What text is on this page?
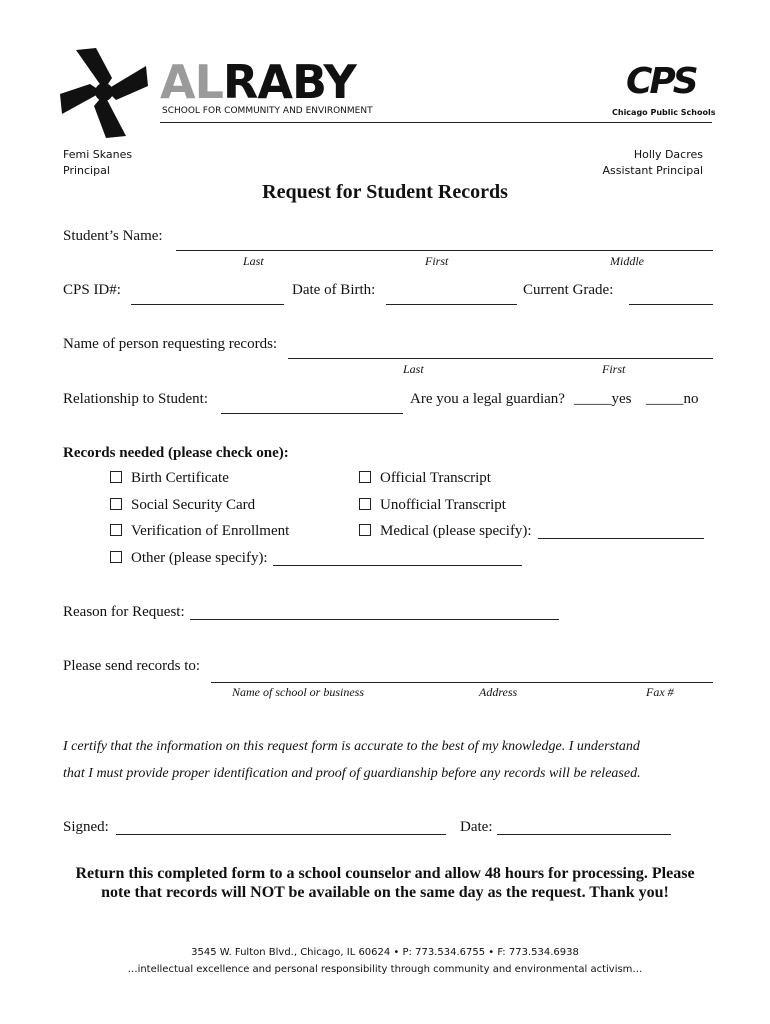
ALRABY
SCHOOL FOR COMMUNITY AND ENVIRONMENT
CPS
Chicago Public Schools
Femi Skanes
Principal
Holly Dacres
Assistant Principal
Request for Student Records
Student’s Name:
Last	First	Middle
CPS ID#:	Date of Birth:	Current Grade:
Name of person requesting records:
Last	First
Relationship to Student:	Are you a legal guardian? _____yes _____no
Records needed (please check one):
Birth Certificate	Official Transcript
Social Security Card	Unofficial Transcript
Verification of Enrollment	Medical (please specify):
Other (please specify):
Reason for Request:
Please send records to:
Name of school or business	Address	Fax #
I certify that the information on this request form is accurate to the best of my knowledge. I understand
that I must provide proper identification and proof of guardianship before any records will be released.
Signed:	Date:
Return this completed form to a school counselor and allow 48 hours for processing. Please
note that records will NOT be available on the same day as the request. Thank you!
3545 W. Fulton Blvd., Chicago, IL 60624 • P: 773.534.6755 • F: 773.534.6938
…intellectual excellence and personal responsibility through community and environmental activism…
